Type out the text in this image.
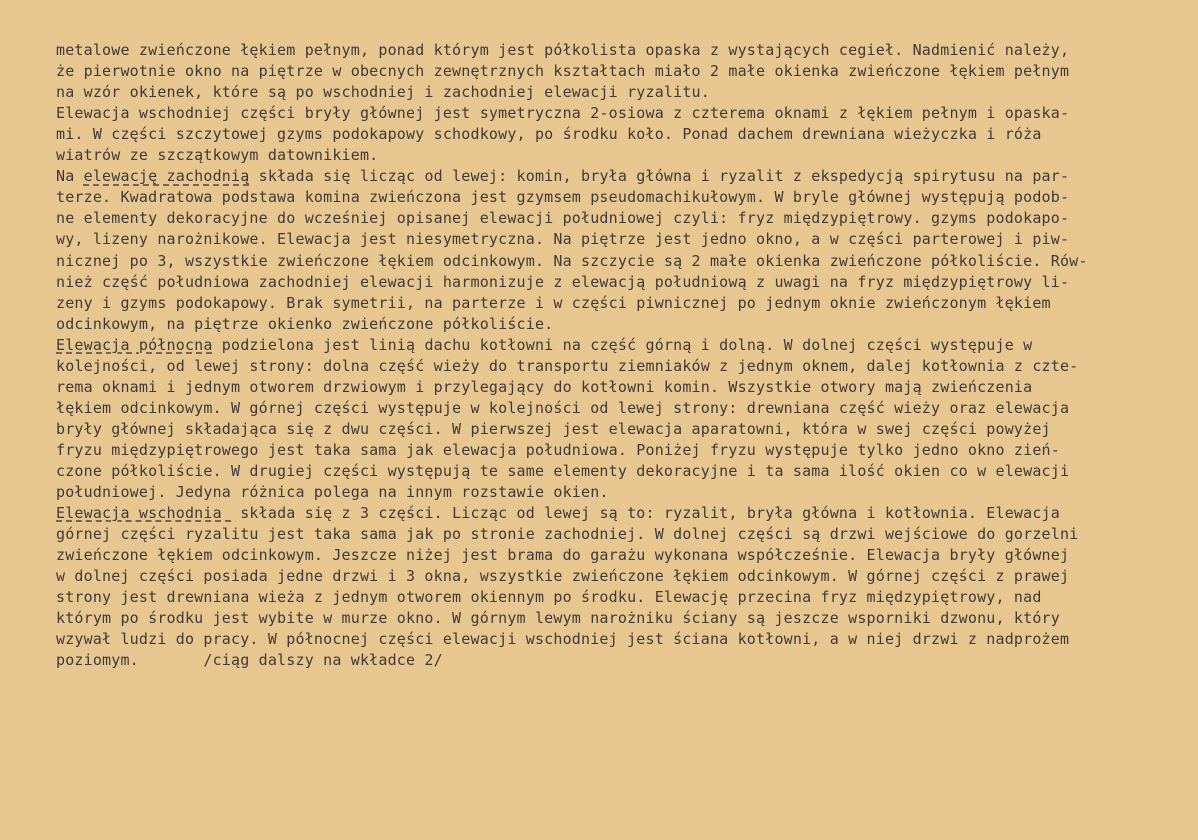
metalowe zwieńczone łękiem pełnym, ponad którym jest półkolista opaska z wystających cegieł. Nadmienić należy,
że pierwotnie okno na piętrze w obecnych zewnętrznych kształtach miało 2 małe okienka zwieńczone łękiem pełnym
na wzór okienek, które są po wschodniej i zachodniej elewacji ryzalitu.
Elewacja wschodniej części bryły głównej jest symetryczna 2-osiowa z czterema oknami z łękiem pełnym i opaska-
mi. W części szczytowej gzyms podokapowy schodkowy, po środku koło. Ponad dachem drewniana wieżyczka i róża
wiatrów ze szczątkowym datownikiem.
Na elewację zachodnią składa się licząc od lewej: komin, bryła główna i ryzalit z ekspedycją spirytusu na par-
terze. Kwadratowa podstawa komina zwieńczona jest gzymsem pseudomachikułowym. W bryle głównej występują podob-
ne elementy dekoracyjne do wcześniej opisanej elewacji południowej czyli: fryz międzypiętrowy. gzyms podokapo-
wy, lizeny narożnikowe. Elewacja jest niesymetryczna. Na piętrze jest jedno okno, a w części parterowej i piw-
nicznej po 3, wszystkie zwieńczone łękiem odcinkowym. Na szczycie są 2 małe okienka zwieńczone półkoliście. Rów-
nież część południowa zachodniej elewacji harmonizuje z elewacją południową z uwagi na fryz międzypiętrowy li-
zeny i gzyms podokapowy. Brak symetrii, na parterze i w części piwnicznej po jednym oknie zwieńczonym łękiem
odcinkowym, na piętrze okienko zwieńczone półkoliście.
Elewacja północna podzielona jest linią dachu kotłowni na część górną i dolną. W dolnej części występuje w
kolejności, od lewej strony: dolna część wieży do transportu ziemniaków z jednym oknem, dalej kotłownia z czte-
rema oknami i jednym otworem drzwiowym i przylegający do kotłowni komin. Wszystkie otwory mają zwieńczenia
łękiem odcinkowym. W górnej części występuje w kolejności od lewej strony: drewniana część wieży oraz elewacja
bryły głównej składająca się z dwu części. W pierwszej jest elewacja aparatowni, która w swej części powyżej
fryzu międzypiętrowego jest taka sama jak elewacja południowa. Poniżej fryzu występuje tylko jedno okno zień-
czone półkoliście. W drugiej części występują te same elementy dekoracyjne i ta sama ilość okien co w elewacji
południowej. Jedyna różnica polega na innym rozstawie okien.
Elewacja wschodnia  składa się z 3 części. Licząc od lewej są to: ryzalit, bryła główna i kotłownia. Elewacja
górnej części ryzalitu jest taka sama jak po stronie zachodniej. W dolnej części są drzwi wejściowe do gorzelni
zwieńczone łękiem odcinkowym. Jeszcze niżej jest brama do garażu wykonana współcześnie. Elewacja bryły głównej
w dolnej części posiada jedne drzwi i 3 okna, wszystkie zwieńczone łękiem odcinkowym. W górnej części z prawej
strony jest drewniana wieża z jednym otworem okiennym po środku. Elewację przecina fryz międzypiętrowy, nad
którym po środku jest wybite w murze okno. W górnym lewym narożniku ściany są jeszcze wsporniki dzwonu, który
wzywał ludzi do pracy. W północnej części elewacji wschodniej jest ściana kotłowni, a w niej drzwi z nadprożem
poziomym.       /ciąg dalszy na wkładce 2/
